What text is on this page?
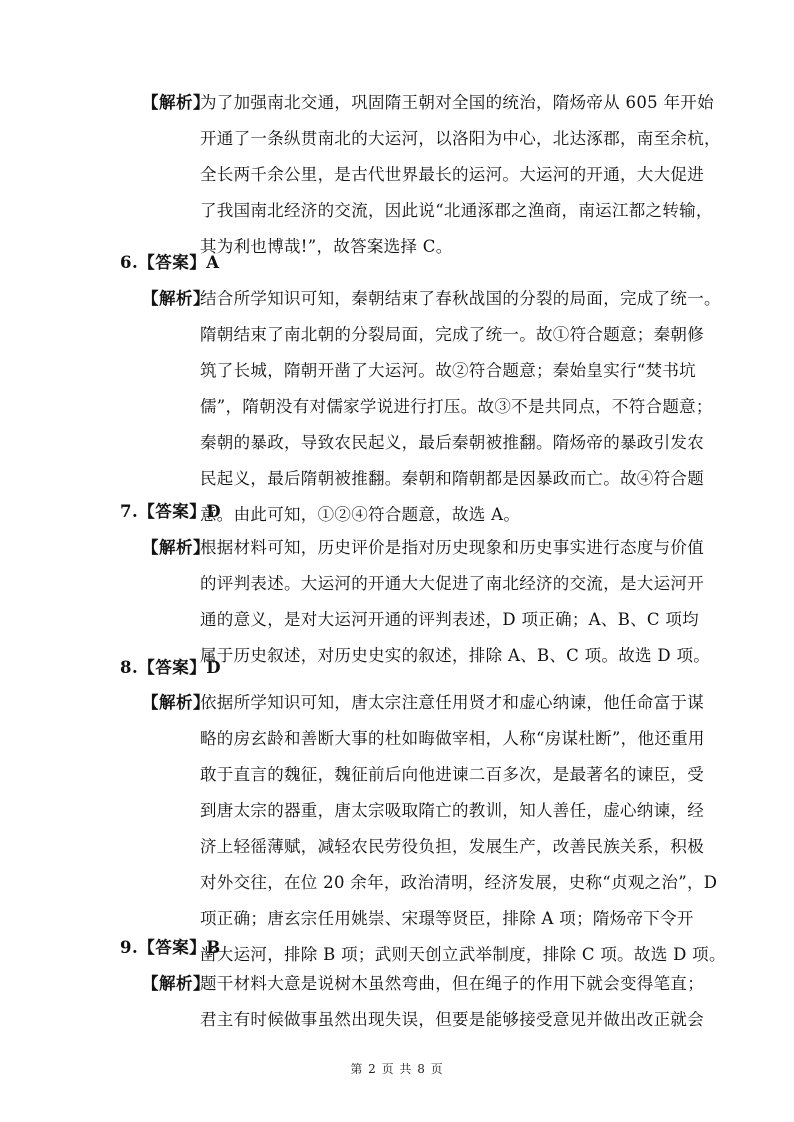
【解析】
为了加强南北交通，巩固隋王朝对全国的统治，隋炀帝从 605 年开始
开通了一条纵贯南北的大运河，以洛阳为中心，北达涿郡，南至余杭，
全长两千余公里，是古代世界最长的运河。大运河的开通，大大促进
了我国南北经济的交流，因此说“北通涿郡之渔商，南运江都之转输，
其为利也博哉!”，故答案选择 C。
6.【答案】A
【解析】
结合所学知识可知，秦朝结束了春秋战国的分裂的局面，完成了统一。
隋朝结束了南北朝的分裂局面，完成了统一。故①符合题意；秦朝修
筑了长城，隋朝开凿了大运河。故②符合题意；秦始皇实行“焚书坑
儒”，隋朝没有对儒家学说进行打压。故③不是共同点，不符合题意；
秦朝的暴政，导致农民起义，最后秦朝被推翻。隋炀帝的暴政引发农
民起义，最后隋朝被推翻。秦朝和隋朝都是因暴政而亡。故④符合题
意。由此可知，①②④符合题意，故选 A。
7.【答案】D
【解析】
根据材料可知，历史评价是指对历史现象和历史事实进行态度与价值
的评判表述。大运河的开通大大促进了南北经济的交流，是大运河开
通的意义，是对大运河开通的评判表述，D 项正确；A、B、C 项均
属于历史叙述，对历史史实的叙述，排除 A、B、C 项。故选 D 项。
8.【答案】D
【解析】
依据所学知识可知，唐太宗注意任用贤才和虚心纳谏，他任命富于谋
略的房玄龄和善断大事的杜如晦做宰相，人称“房谋杜断”，他还重用
敢于直言的魏征，魏征前后向他进谏二百多次，是最著名的谏臣，受
到唐太宗的器重，唐太宗吸取隋亡的教训，知人善任，虚心纳谏，经
济上轻徭薄赋，减轻农民劳役负担，发展生产，改善民族关系，积极
对外交往，在位 20 余年，政治清明，经济发展，史称“贞观之治”，D
项正确；唐玄宗任用姚崇、宋璟等贤臣，排除 A 项；隋炀帝下令开
凿大运河，排除 B 项；武则天创立武举制度，排除 C 项。故选 D 项。
9.【答案】B
【解析】
题干材料大意是说树木虽然弯曲，但在绳子的作用下就会变得笔直；
君主有时候做事虽然出现失误，但要是能够接受意见并做出改正就会
第 2 页 共 8 页
